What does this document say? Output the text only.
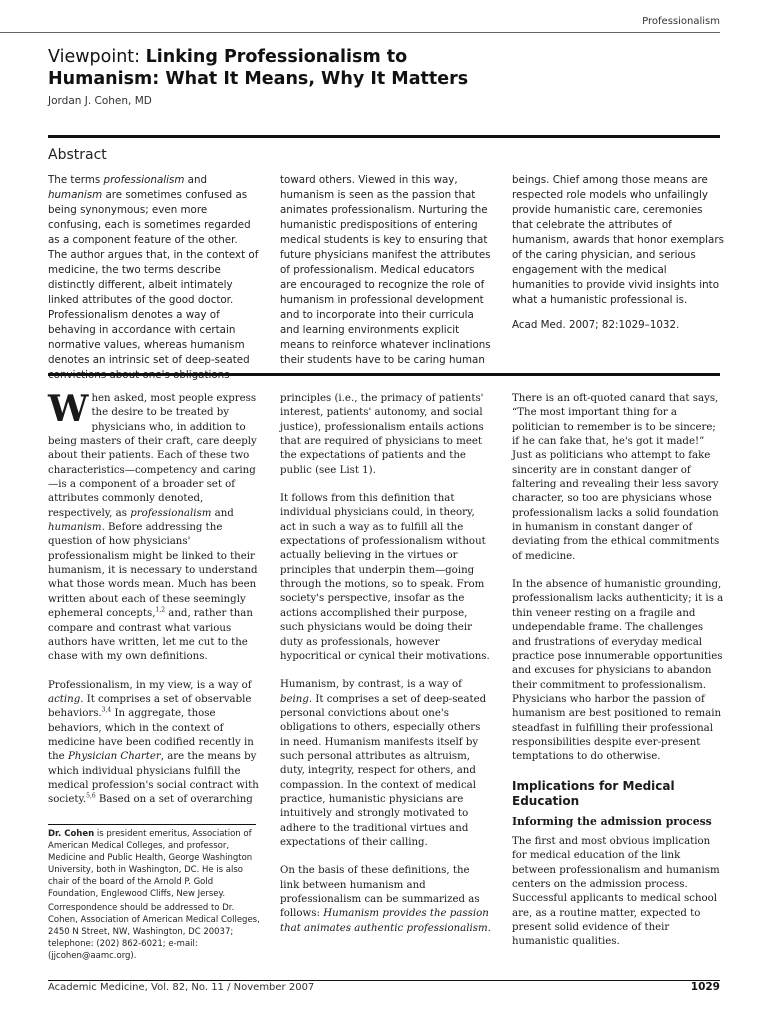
Professionalism
Viewpoint: Linking Professionalism to
Humanism: What It Means, Why It Matters
Jordan J. Cohen, MD
Abstract

The terms professionalism and humanism are sometimes confused as being synonymous; even more confusing, each is sometimes regarded as a component feature of the other. The author argues that, in the context of medicine, the two terms describe distinctly different, albeit intimately linked attributes of the good doctor. Professionalism denotes a way of behaving in accordance with certain normative values, whereas humanism denotes an intrinsic set of deep-seated

toward others. Viewed in this way, humanism is seen as the passion that animates professionalism. Nurturing the humanistic predispositions of entering medical students is key to ensuring that future physicians manifest the attributes of professionalism. Medical educators are encouraged to recognize the role of humanism in professional development and to incorporate into their curricula and learning environments explicit means to reinforce whatever inclinations their students have to be caring human

beings. Chief among those means are respected role models who unfailingly provide humanistic care, ceremonies that celebrate the attributes of humanism, awards that honor exemplars of the caring physician, and serious engagement with the medical humanities to provide vivid insights into what a humanistic professional is.

Acad Med. 2007; 82:1029–1032.

When asked, most people express the desire to be treated by physicians who, in addition to being masters of their craft, care deeply about their patients. Each of these two characteristics—competency and caring—is a component of a broader set of attributes commonly denoted, respectively, as professionalism and humanism. Before addressing the question of how physicians' professionalism might be linked to their humanism, it is necessary to understand what those words mean. Much has been written about each of these seemingly ephemeral concepts,$^{1,2}$ and, rather than compare and contrast what various authors have written, let me cut to the chase with my own definitions.

Professionalism, in my view, is a way of acting. It comprises a set of observable behaviors.$^{3,4}$ In aggregate, those behaviors, which in the context of medicine have been codified recently in the Physician Charter, are the means by which individual physicians fulfill the medical profession's social contract with society.$^{5,6}$ Based on a set of overarching

Dr. Cohen is president emeritus, Association of American Medical Colleges, and professor, Medicine and Public Health, George Washington University, both in Washington, DC. He is also chair of the board of the Arnold P. Gold Foundation, Englewood Cliffs, New Jersey.

Correspondence should be addressed to Dr. Cohen, Association of American Medical Colleges, 2450 N Street, NW, Washington, DC 20037; telephone: (202) 862-6021; e-mail: (jjcohen@aamc.org).

principles (i.e., the primacy of patients' interest, patients' autonomy, and social justice), professionalism entails actions that are required of physicians to meet the expectations of patients and the public (see List 1).

It follows from this definition that individual physicians could, in theory, act in such a way as to fulfill all the expectations of professionalism without actually believing in the virtues or principles that underpin them—going through the motions, so to speak. From society's perspective, insofar as the actions accomplished their purpose, such physicians would be doing their duty as professionals, however hypocritical or cynical their motivations.

Humanism, by contrast, is a way of being. It comprises a set of deep-seated personal convictions about one's obligations to others, especially others in need. Humanism manifests itself by such personal attributes as altruism, duty, integrity, respect for others, and compassion. In the context of medical practice, humanistic physicians are intuitively and strongly motivated to adhere to the traditional virtues and expectations of their calling.

On the basis of these definitions, the link between humanism and professionalism can be summarized as follows: Humanism provides the passion that animates authentic professionalism.

There is an oft-quoted canard that says, “The most important thing for a politician to remember is to be sincere; if he can fake that, he's got it made!” Just as politicians who attempt to fake sincerity are in constant danger of faltering and revealing their less savory character, so too are physicians whose professionalism lacks a solid foundation in humanism in constant danger of deviating from the ethical commitments of medicine.

In the absence of humanistic grounding, professionalism lacks authenticity; it is a thin veneer resting on a fragile and undependable frame. The challenges and frustrations of everyday medical practice pose innumerable opportunities and excuses for physicians to abandon their commitment to professionalism. Physicians who harbor the passion of humanism are best positioned to remain steadfast in fulfilling their professional responsibilities despite ever-present temptations to do otherwise.

Implications for Medical Education
Informing the admission process

The first and most obvious implication for medical education of the link between professionalism and humanism centers on the admission process. Successful applicants to medical school are, as a routine matter, expected to present solid evidence of their humanistic qualities.

Academic Medicine, Vol. 82, No. 11 / November 2007	1029
